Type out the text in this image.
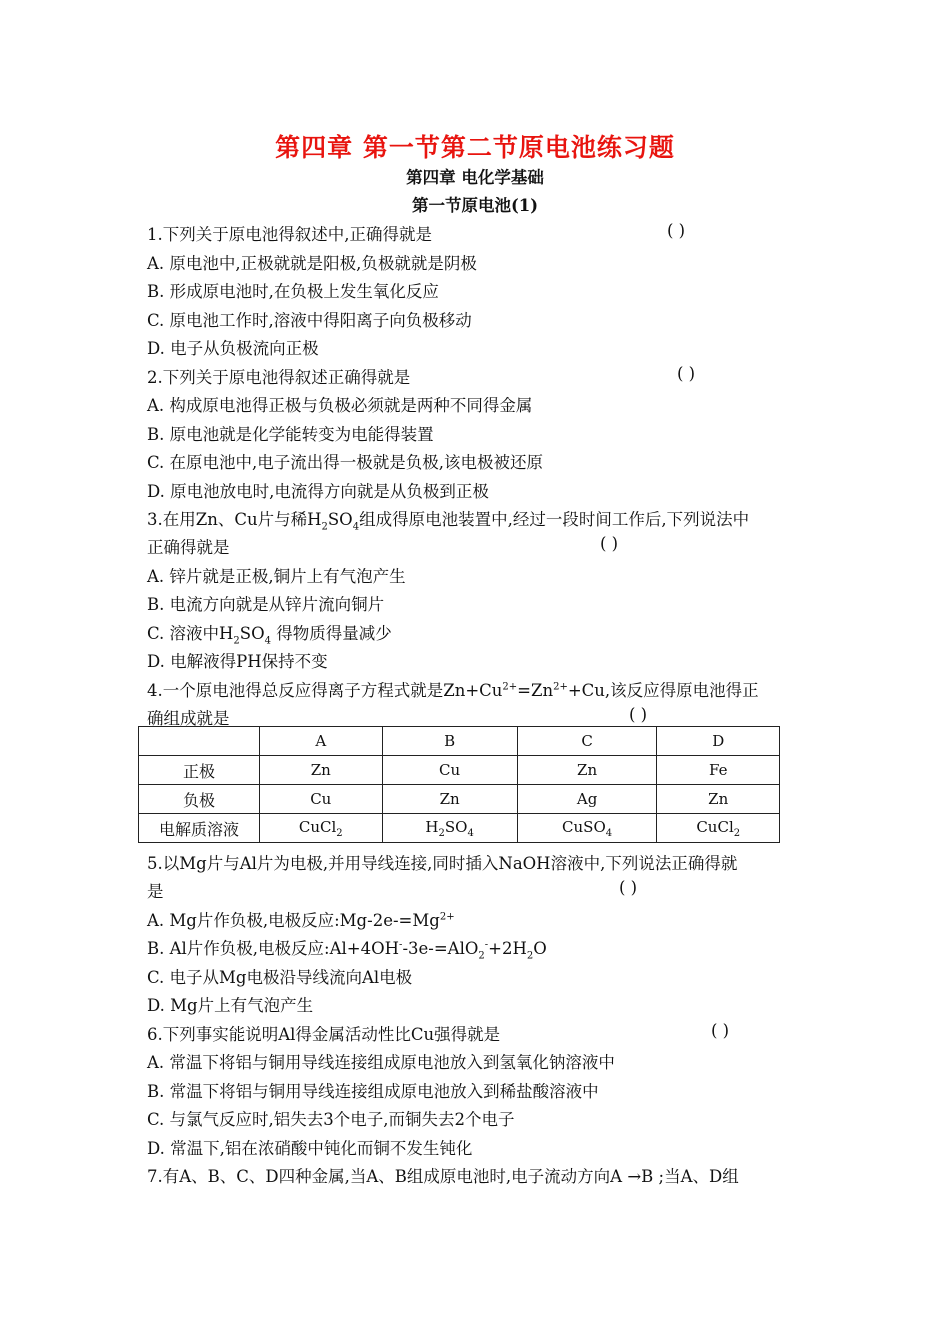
第四章 第一节第二节原电池练习题
第四章 电化学基础
第一节原电池(1)
1.下列关于原电池得叙述中,正确得就是	( )
A. 原电池中,正极就就是阳极,负极就就是阴极
B. 形成原电池时,在负极上发生氧化反应
C. 原电池工作时,溶液中得阳离子向负极移动
D. 电子从负极流向正极
2.下列关于原电池得叙述正确得就是	( )
A. 构成原电池得正极与负极必须就是两种不同得金属
B. 原电池就是化学能转变为电能得装置
C. 在原电池中,电子流出得一极就是负极,该电极被还原
D. 原电池放电时,电流得方向就是从负极到正极
3.在用Zn、Cu片与稀$H_2SO_4$组成得原电池装置中,经过一段时间工作后,下列说法中
正确得就是	( )
A. 锌片就是正极,铜片上有气泡产生
B. 电流方向就是从锌片流向铜片
C. 溶液中$H_2SO_4$ 得物质得量减少
D. 电解液得PH保持不变
4.一个原电池得总反应得离子方程式就是$Zn+Cu^{2+}=Zn^{2+}+Cu$,该反应得原电池得正
确组成就是	( )
	A	B	C	D
正极	Zn	Cu	Zn	Fe
负极	Cu	Zn	Ag	Zn
电解质溶液	CuCl$_2$	$H_2SO_4$	CuSO$_4$	CuCl$_2$
5.以Mg片与Al片为电极,并用导线连接,同时插入NaOH溶液中,下列说法正确得就
是	( )
A. Mg片作负极,电极反应$:Mg-2e-=Mg^{2+}$
B. Al片作负极,电极反应$:Al+4OH^--3e-=AlO_2^-+2H_2O$
C. 电子从Mg电极沿导线流向Al电极
D. Mg片上有气泡产生
6.下列事实能说明Al得金属活动性比Cu强得就是	( )
A. 常温下将铝与铜用导线连接组成原电池放入到氢氧化钠溶液中
B. 常温下将铝与铜用导线连接组成原电池放入到稀盐酸溶液中
C. 与氯气反应时,铝失去3个电子,而铜失去2个电子
D. 常温下,铝在浓硝酸中钝化而铜不发生钝化
7.有A、B、C、D四种金属,当A、B组成原电池时,电子流动方向A →B ;当A、D组
